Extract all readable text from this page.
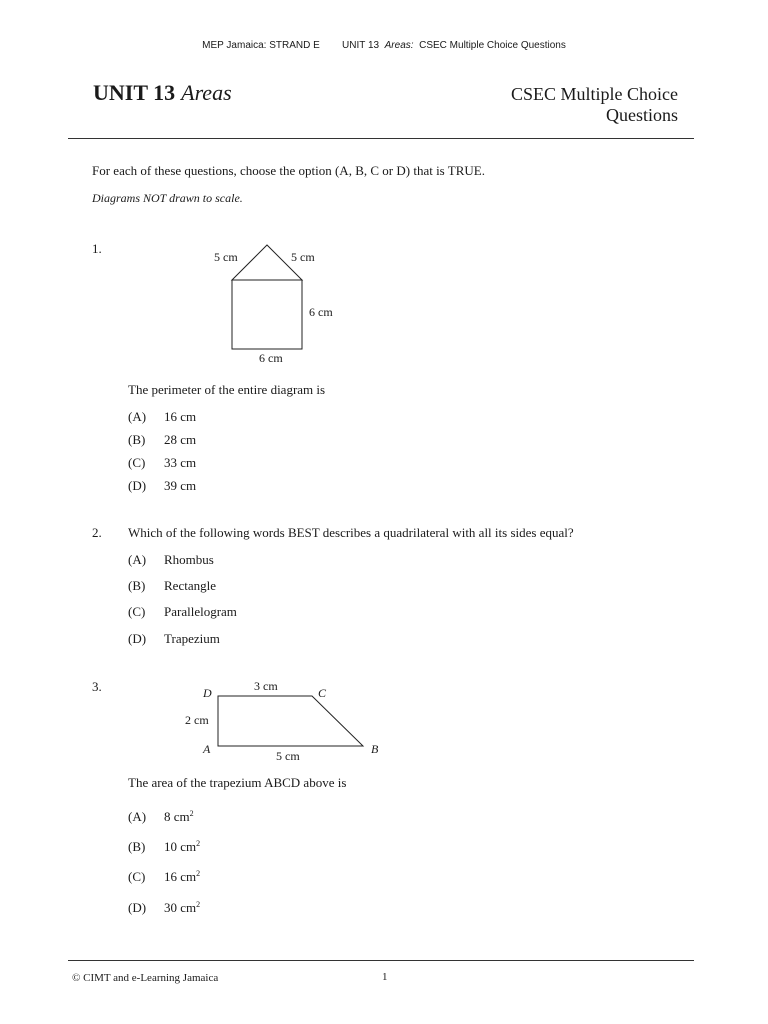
MEP Jamaica: STRAND E UNIT 13 Areas: CSEC Multiple Choice Questions
UNIT 13 Areas	CSEC Multiple Choice
Questions
For each of these questions, choose the option (A, B, C or D) that is TRUE.
Diagrams NOT drawn to scale.
1.
5 cm	5 cm
6 cm
6 cm
The perimeter of the entire diagram is
(A) 16 cm
(B) 28 cm
(C) 33 cm
(D) 39 cm
2. Which of the following words BEST describes a quadrilateral with all its sides equal?
(A) Rhombus
(B) Rectangle
(C) Parallelogram
(D) Trapezium
3.	3 cm
2 cm
5 cm
D	C
A	B
The area of the trapezium ABCD above is
(A) 8 $cm^2$
(B) 10 $cm^2$
(C) 16 $cm^2$
(D) 30 $cm^2$
© CIMT and e-Learning Jamaica	1
